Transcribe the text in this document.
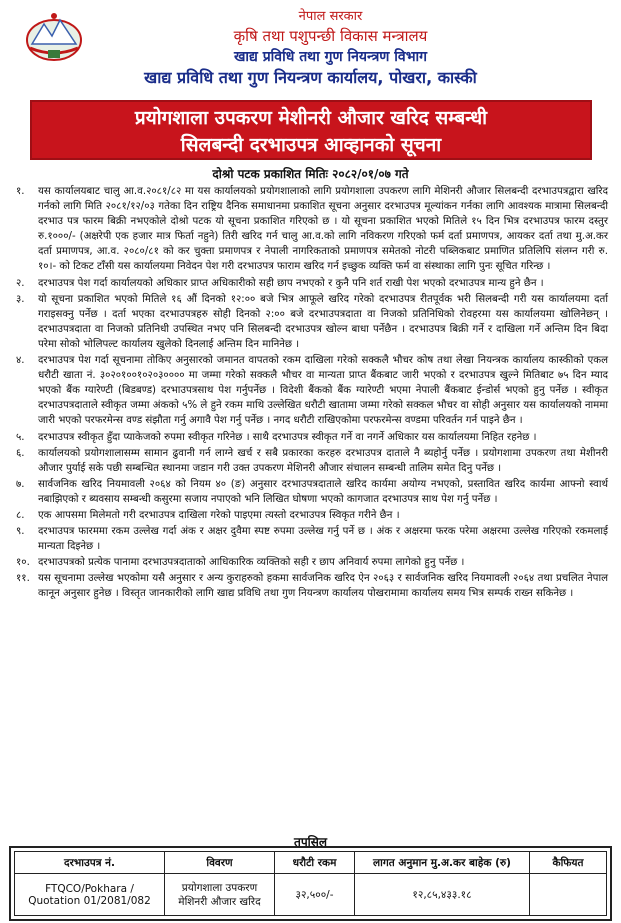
नेपाल सरकार
कृषि तथा पशुपन्छी विकास मन्त्रालय
खाद्य प्रविधि तथा गुण नियन्त्रण विभाग
खाद्य प्रविधि तथा गुण नियन्त्रण कार्यालय, पोखरा, कास्की
प्रयोगशाला उपकरण मेशीनरी औजार खरिद सम्बन्धी
सिलबन्दी दरभाउपत्र आव्हानको सूचना
दोश्रो पटक प्रकाशित मितिः २०८२/०१/०७ गते
१.	यस कार्यालयबाट चालु आ.व.२०८१/८२ मा यस कार्यालयको प्रयोगशालाको लागि प्रयोगशाला उपकरण लागि मेशिनरी औजार सिलबन्दी दरभाउपत्रद्वारा खरिद गर्नको लागि मिति २०८१/१२/०३ गतेका दिन राष्ट्रिय दैनिक समाधानमा प्रकाशित सूचना अनुसार दरभाउपत्र मूल्यांकन गर्नका लागि आवश्यक मात्रामा सिलबन्दी दरभाउ पत्र फारम बिक्री नभएकोले दोश्रो पटक यो सूचना प्रकाशित गरिएको छ । यो सूचना प्रकाशित भएको मितिले १५ दिन भित्र दरभाउपत्र फारम दस्तुर रु.१०००/- (अक्षरेपी एक हजार मात्र फिर्ता नहुने) तिरी खरिद गर्न चालु आ.व.को लागि नविकरण गरिएको फर्म दर्ता प्रमाणपत्र, आयकर दर्ता तथा मु.अ.कर दर्ता प्रमाणपत्र, आ.व. २०८०/८१ को कर चुक्ता प्रमाणपत्र र नेपाली नागरिकताको प्रमाणपत्र समेतको नोटरी पब्लिकबाट प्रमाणित प्रतिलिपि संलग्न गरी रु. १०।- को टिकट टाँसी यस कार्यालयमा निवेदन पेश गरी दरभाउपत्र फाराम खरिद गर्न इच्छुक व्यक्ति फर्म वा संस्थाका लागि पुनः सूचित गरिन्छ ।
२.	दरभाउपत्र पेश गर्दा कार्यालयको अधिकार प्राप्त अधिकारीको सही छाप नभएको र कुनै पनि शर्त राखी पेश भएको दरभाउपत्र मान्य हुने छैन ।
३.	यो सूचना प्रकाशित भएको मितिले १६ औं दिनको १२:०० बजे भित्र आफूले खरिद गरेको दरभाउपत्र रीतपूर्वक भरी सिलबन्दी गरी यस कार्यालयमा दर्ता गराइसक्नु पर्नेछ । दर्ता भएका दरभाउपत्रहरु सोही दिनको २:०० बजे दरभाउपत्रदाता वा निजको प्रतिनिधिको रोवहरमा यस कार्यालयमा खोलिनेछन् । दरभाउपत्रदाता वा निजको प्रतिनिधी उपस्थित नभए पनि सिलबन्दी दरभाउपत्र खोल्न बाधा पर्नेछैन । दरभाउपत्र बिक्री गर्ने र दाखिला गर्ने अन्तिम दिन बिदा परेमा सोको भोलिपल्ट कार्यालय खुलेको दिनलाई अन्तिम दिन मानिनेछ ।
४.	दरभाउपत्र पेश गर्दा सूचनामा तोकिए अनुसारको जमानत वापतको रकम दाखिला गरेको सक्कलै भौचर कोष तथा लेखा नियन्त्रक कार्यालय कास्कीको एकल धरौटी खाता नं. ३०२०१००१०२०३०००० मा जम्मा गरेको सक्कलै भौचर वा मान्यता प्राप्त बैंकबाट जारी भएको र दरभाउपत्र खुल्ने मितिबाट ७५ दिन म्याद भएको बैंक ग्यारेण्टी (बिडबण्ड) दरभाउपत्रसाथ पेश गर्नुपर्नेछ । विदेशी बैंकको बैंक ग्यारेण्टी भएमा नेपाली बैंकबाट ईन्डोर्स भएको हुनु पर्नेछ । स्वीकृत दरभाउपत्रदाताले स्वीकृत जम्मा अंकको ५% ले हुने रकम माथि उल्लेखित धरौटी खातामा जम्मा गरेको सक्कल भौचर वा सोही अनुसार यस कार्यालयको नाममा जारी भएको परफरमेन्स वण्ड संझौता गर्नु अगावै पेश गर्नु पर्नेछ । नगद धरौटी राखिएकोमा परफरमेन्स वण्डमा परिवर्तन गर्न पाइने छैन ।
५.	दरभाउपत्र स्वीकृत हुँदा प्याकेजको रुपमा स्वीकृत गरिनेछ । साथै दरभाउपत्र स्वीकृत गर्ने वा नगर्ने अधिकार यस कार्यालयमा निहित रहनेछ ।
६.	कार्यालयको प्रयोगशालासम्म सामान ढुवानी गर्न लाग्ने खर्च र सबै प्रकारका करहरु दरभाउपत्र दाताले नै ब्यहोर्नु पर्नेछ । प्रयोगशामा उपकरण तथा मेशीनरी औजार पुर्याई सके पछी सम्बन्धित स्थानमा जडान गरी उक्त उपकरण मेशिनरी औजार संचालन सम्बन्धी तालिम समेत दिनु पर्नेछ ।
७.	सार्वजनिक खरिद नियमावली २०६४ को नियम ४० (ङ) अनुसार दरभाउपत्रदाताले खरिद कार्यमा अयोग्य नभएको, प्रस्तावित खरिद कार्यमा आफ्नो स्वार्थ नबाझिएको र ब्यवसाय सम्बन्धी कसुरमा सजाय नपाएको भनि लिखित घोषणा भएको कागजात दरभाउपत्र साथ पेश गर्नु पर्नेछ ।
८.	एक आपसमा मिलेमतो गरी दरभाउपत्र दाखिला गरेको पाइएमा त्यस्तो दरभाउपत्र स्विकृत गरीने छैन ।
९.	दरभाउपत्र फारममा रकम उल्लेख गर्दा अंक र अक्षर दुवैमा स्पष्ट रुपमा उल्लेख गर्नु पर्ने छ । अंक र अक्षरमा फरक परेमा अक्षरमा उल्लेख गरिएको रकमलाई मान्यता दिइनेछ ।
१०. दरभाउपत्रको प्रत्येक पानामा दरभाउपत्रदाताको आधिकारिक व्यक्तिको सही र छाप अनिवार्य रुपमा लागेको हुनु पर्नेछ ।
११. यस सूचनामा उल्लेख भएकोमा यसै अनुसार र अन्य कुराहरुको हकमा सार्वजनिक खरिद ऐन २०६३ र सार्वजनिक खरिद नियमावली २०६४ तथा प्रचलित नेपाल कानून अनुसार हुनेछ । विस्तृत जानकारीको लागि खाद्य प्रविधि तथा गुण नियन्त्रण कार्यालय पोखरामामा कार्यालय समय भित्र सम्पर्क राख्न सकिनेछ ।
तपसिल
दरभाउपत्र नं.	विवरण	धरौटी रकम	लागत अनुमान मु.अ.कर बाहेक (रु)	कैफियत
FTQCO/Pokhara / Quotation 01/2081/082	प्रयोगशाला उपकरण मेशिनरी औजार खरिद	३२,५००/-	१२,८५,४३३.१८	
